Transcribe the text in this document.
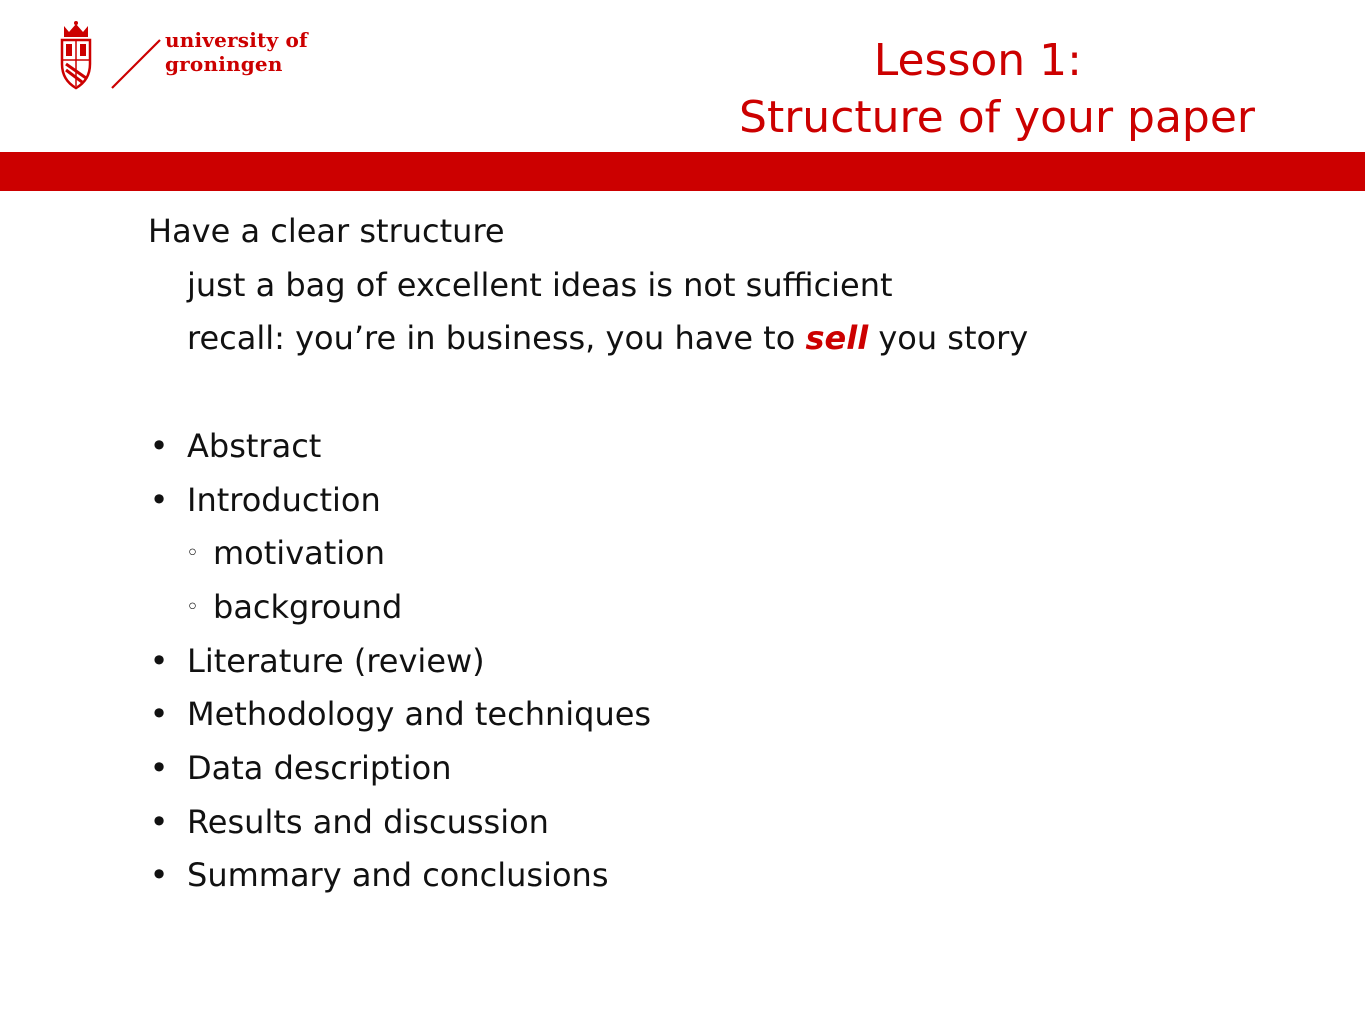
university of
groningen	Lesson 1:
Structure of your paper
Have a clear structure
just a bag of excellent ideas is not sufficient
recall: you’re in business, you have to sell you story
• Abstract
• Introduction
◦ motivation
◦ background
• Literature (review)
• Methodology and techniques
• Data description
• Results and discussion
• Summary and conclusions
